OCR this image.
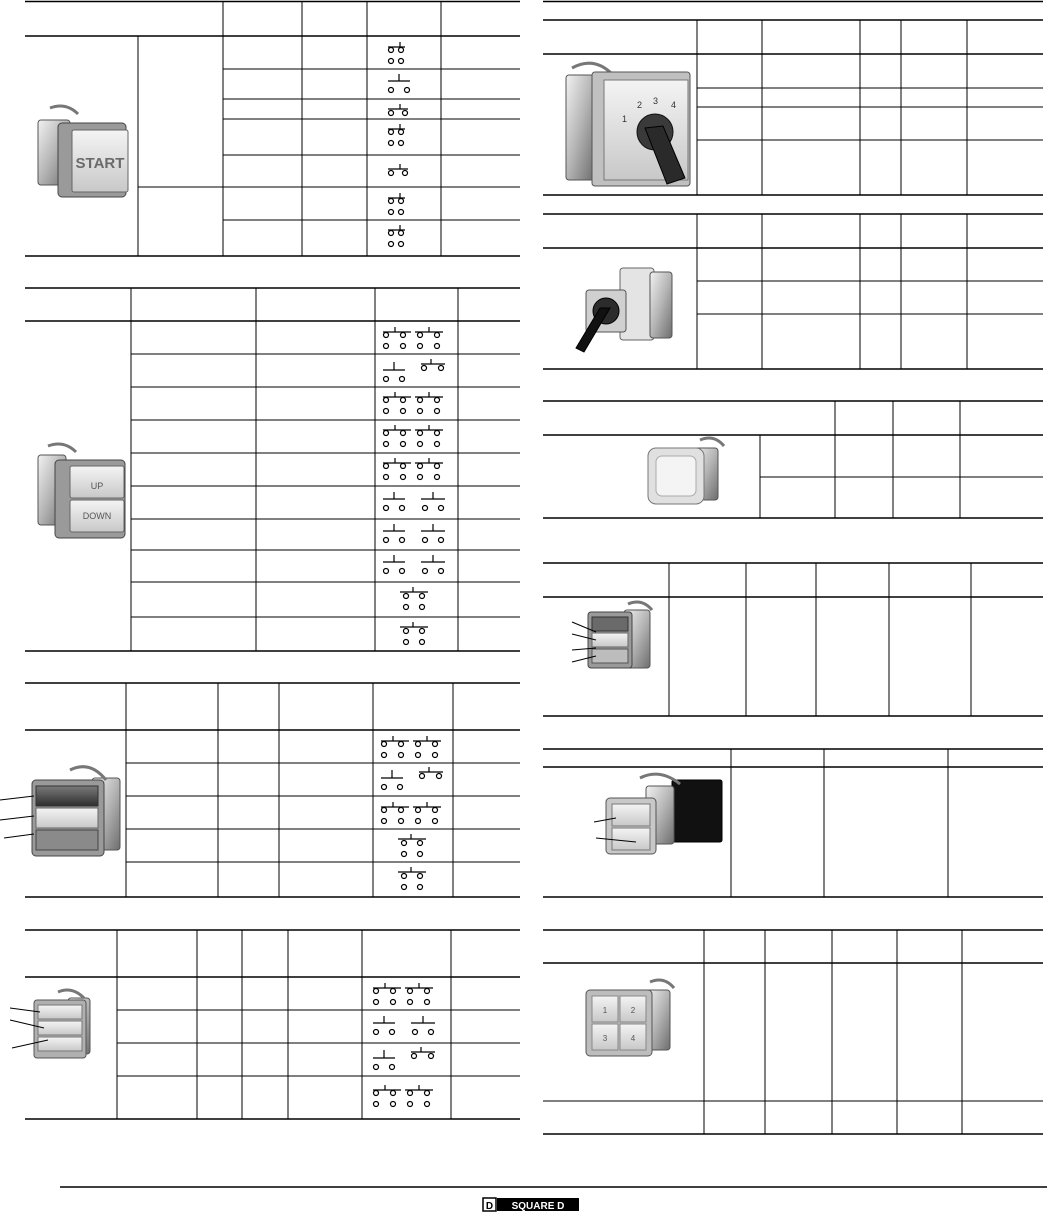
START
UP
DOWN
1
2 3 4
1	2
3	4
D SQUARE D
